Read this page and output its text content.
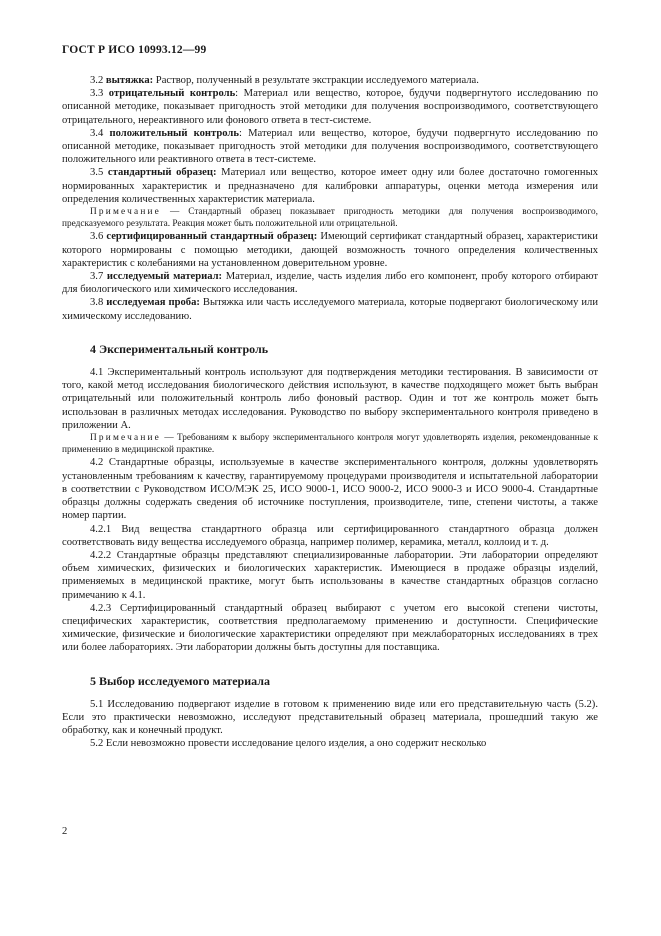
ГОСТ Р ИСО 10993.12—99

3.2 вытяжка: Раствор, полученный в результате экстракции исследуемого материала.

3.3 отрицательный контроль: Материал или вещество, которое, будучи подвергнутого исследованию по описанной методике, показывает пригодность этой методики для получения воспроизводимого, соответствующего отрицательного, нереактивного или фонового ответа в тест-системе.

3.4 положительный контроль: Материал или вещество, которое, будучи подвергнуто исследованию по описанной методике, показывает пригодность этой методики для получения воспроизводимого, соответствующего положительного или реактивного ответа в тест-системе.

3.5 стандартный образец: Материал или вещество, которое имеет одну или более достаточно гомогенных нормированных характеристик и предназначено для калибровки аппаратуры, оценки метода измерения или определения количественных характеристик материала.

Примечание — Стандартный образец показывает пригодность методики для получения воспроизводимого, предсказуемого результата. Реакция может быть положительной или отрицательной.

3.6 сертифицированный стандартный образец: Имеющий сертификат стандартный образец, характеристики которого нормированы с помощью методики, дающей возможность точного определения количественных характеристик с колебаниями на установленном доверительном уровне.

3.7 исследуемый материал: Материал, изделие, часть изделия либо его компонент, пробу которого отбирают для биологического или химического исследования.

3.8 исследуемая проба: Вытяжка или часть исследуемого материала, которые подвергают биологическому или химическому исследованию.

4 Экспериментальный контроль

4.1 Экспериментальный контроль используют для подтверждения методики тестирования. В зависимости от того, какой метод исследования биологического действия используют, в качестве подходящего может быть выбран отрицательный или положительный контроль либо фоновый раствор. Один и тот же контроль может быть использован в различных методах исследования. Руководство по выбору экспериментального контроля приведено в приложении А.

Примечание — Требованиям к выбору экспериментального контроля могут удовлетворять изделия, рекомендованные к применению в медицинской практике.

4.2 Стандартные образцы, используемые в качестве экспериментального контроля, должны удовлетворять установленным требованиям к качеству, гарантируемому процедурами производителя и испытательной лаборатории в соответствии с Руководством ИСО/МЭК 25, ИСО 9000-1, ИСО 9000-2, ИСО 9000-3 и ИСО 9000-4. Стандартные образцы должны содержать сведения об источнике поступления, производителе, типе, степени чистоты, а также номер партии.

4.2.1 Вид вещества стандартного образца или сертифицированного стандартного образца должен соответствовать виду вещества исследуемого образца, например полимер, керамика, металл, коллоид и т. д.

4.2.2 Стандартные образцы представляют специализированные лаборатории. Эти лаборатории определяют объем химических, физических и биологических характеристик. Имеющиеся в продаже образцы изделий, применяемых в медицинской практике, могут быть использованы в качестве стандартных образцов согласно примечанию к 4.1.

4.2.3 Сертифицированный стандартный образец выбирают с учетом его высокой степени чистоты, специфических характеристик, соответствия предполагаемому применению и доступности. Специфические химические, физические и биологические характеристики определяют при межлабораторных исследованиях в трех или более лабораториях. Эти лаборатории должны быть доступны для поставщика.

5 Выбор исследуемого материала

5.1 Исследованию подвергают изделие в готовом к применению виде или его представительную часть (5.2). Если это практически невозможно, исследуют представительный образец материала, прошедший такую же обработку, как и конечный продукт.

5.2 Если невозможно провести исследование целого изделия, а оно содержит несколько

2
